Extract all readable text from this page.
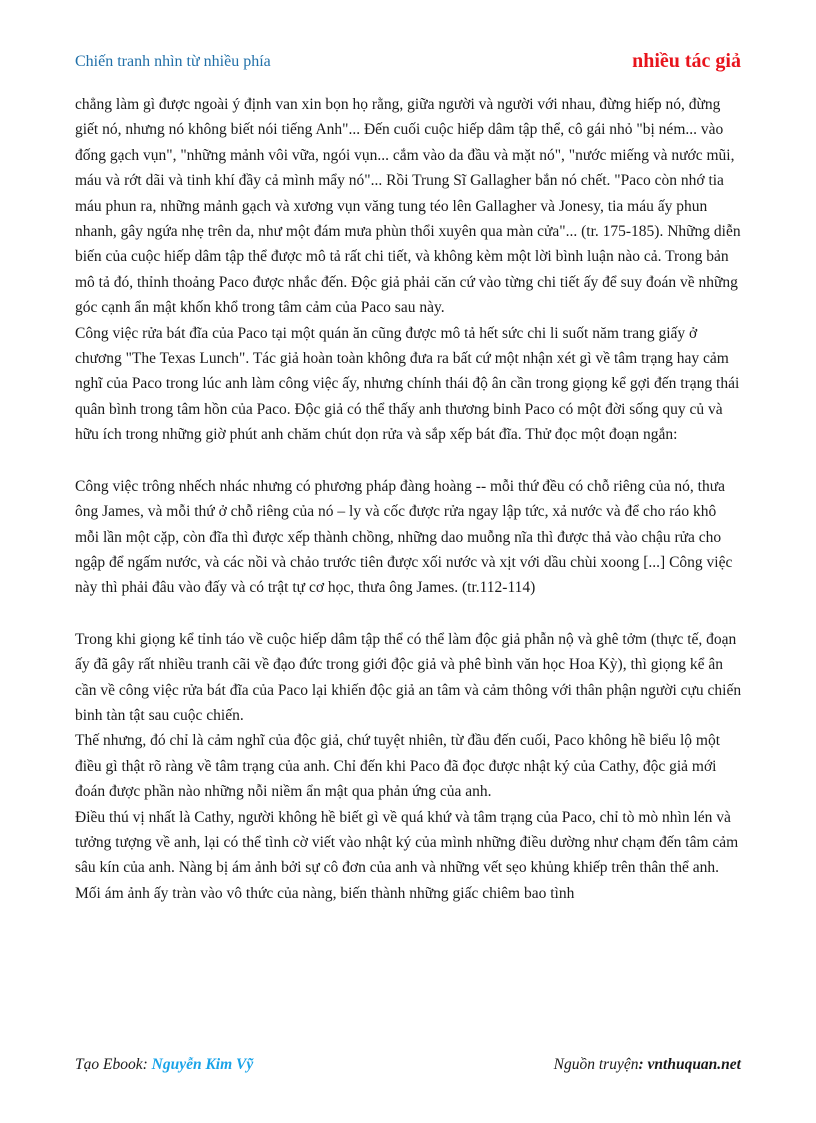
Chiến tranh nhìn từ nhiều phía	nhiều tác giả

chẳng làm gì được ngoài ý định van xin bọn họ rằng, giữa người và người với nhau, đừng hiếp nó, đừng giết nó, nhưng nó không biết nói tiếng Anh"... Đến cuối cuộc hiếp dâm tập thể, cô gái nhỏ "bị ném... vào đống gạch vụn", "những mảnh vôi vữa, ngói vụn... cắm vào da đầu và mặt nó", "nước miếng và nước mũi, máu và rớt dãi và tinh khí đầy cả mình mẩy nó"... Rồi Trung Sĩ Gallagher bắn nó chết. "Paco còn nhớ tia máu phun ra, những mảnh gạch và xương vụn văng tung téo lên Gallagher và Jonesy, tia máu ấy phun nhanh, gây ngứa nhẹ trên da, như một đám mưa phùn thổi xuyên qua màn cửa"... (tr. 175-185). Những diễn biến của cuộc hiếp dâm tập thể được mô tả rất chi tiết, và không kèm một lời bình luận nào cả. Trong bản mô tả đó, thỉnh thoảng Paco được nhắc đến. Độc giả phải căn cứ vào từng chi tiết ấy để suy đoán về những góc cạnh ẩn mật khốn khổ trong tâm cảm của Paco sau này.

Công việc rửa bát đĩa của Paco tại một quán ăn cũng được mô tả hết sức chi li suốt năm trang giấy ở chương "The Texas Lunch". Tác giả hoàn toàn không đưa ra bất cứ một nhận xét gì về tâm trạng hay cảm nghĩ của Paco trong lúc anh làm công việc ấy, nhưng chính thái độ ân cần trong giọng kể gợi đến trạng thái quân bình trong tâm hồn của Paco. Độc giả có thể thấy anh thương binh Paco có một đời sống quy củ và hữu ích trong những giờ phút anh chăm chút dọn rửa và sắp xếp bát đĩa. Thử đọc một đoạn ngắn:

Công việc trông nhếch nhác nhưng có phương pháp đàng hoàng -- mỗi thứ đều có chỗ riêng của nó, thưa ông James, và mỗi thứ ở chỗ riêng của nó – ly và cốc được rửa ngay lập tức, xả nước và để cho ráo khô mỗi lần một cặp, còn đĩa thì được xếp thành chồng, những dao muỗng nĩa thì được thả vào chậu rửa cho ngập để ngấm nước, và các nồi và chảo trước tiên được xối nước và xịt với dầu chùi xoong [...] Công việc này thì phải đâu vào đấy và có trật tự cơ học, thưa ông James. (tr.112-114)

Trong khi giọng kể tỉnh táo về cuộc hiếp dâm tập thể có thể làm độc giả phẫn nộ và ghê tởm (thực tế, đoạn ấy đã gây rất nhiều tranh cãi về đạo đức trong giới độc giả và phê bình văn học Hoa Kỳ), thì giọng kể ân cần về công việc rửa bát đĩa của Paco lại khiến độc giả an tâm và cảm thông với thân phận người cựu chiến binh tàn tật sau cuộc chiến.

Thế nhưng, đó chỉ là cảm nghĩ của độc giả, chứ tuyệt nhiên, từ đầu đến cuối, Paco không hề biểu lộ một điều gì thật rõ ràng về tâm trạng của anh. Chỉ đến khi Paco đã đọc được nhật ký của Cathy, độc giả mới đoán được phần nào những nỗi niềm ẩn mật qua phản ứng của anh.

Điều thú vị nhất là Cathy, người không hề biết gì về quá khứ và tâm trạng của Paco, chỉ tò mò nhìn lén và tưởng tượng về anh, lại có thể tình cờ viết vào nhật ký của mình những điều dường như chạm đến tâm cảm sâu kín của anh. Nàng bị ám ảnh bởi sự cô đơn của anh và những vết sẹo khủng khiếp trên thân thể anh. Mối ám ảnh ấy tràn vào vô thức của nàng, biến thành những giấc chiêm bao tình

Tạo Ebook: Nguyễn Kim Vỹ	Nguồn truyện: vnthuquan.net
